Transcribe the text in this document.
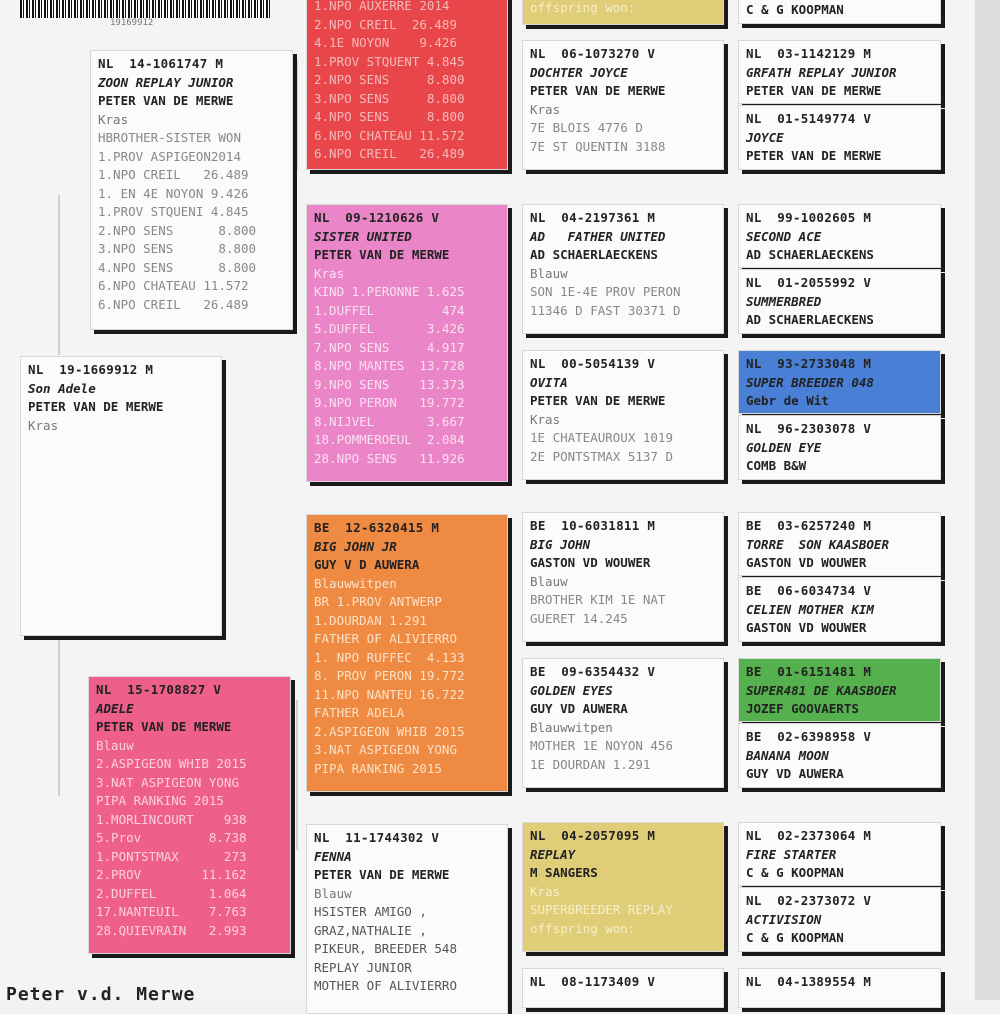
19169912
NL  19-1669912 M
Son Adele
PETER VAN DE MERWE
Kras
NL  14-1061747 M
ZOON REPLAY JUNIOR
PETER VAN DE MERWE
Kras
HBROTHER-SISTER WON
1.PROV ASPIGEON2014
1.NPO CREIL   26.489
1. EN 4E NOYON 9.426
1.PROV STQUENI 4.845
2.NPO SENS      8.800
3.NPO SENS      8.800
4.NPO SENS      8.800
6.NPO CHATEAU 11.572
6.NPO CREIL   26.489
NL  15-1708827 V
ADELE
PETER VAN DE MERWE
Blauw
2.ASPIGEON WHIB 2015
3.NAT ASPIGEON YONG
PIPA RANKING 2015
1.MORLINCOURT    938
5.Prov         8.738
1.PONTSTMAX      273
2.PROV        11.162
2.DUFFEL       1.064
17.NANTEUIL    7.763
28.QUIEVRAIN   2.993
1.NPO AUXERRE 2014
2.NPO CREIL  26.489
4.1E NOYON    9.426
1.PROV STQUENT 4.845
2.NPO SENS     8.800
3.NPO SENS     8.800
4.NPO SENS     8.800
6.NPO CHATEAU 11.572
6.NPO CREIL   26.489
NL  09-1210626 V
SISTER UNITED
PETER VAN DE MERWE
Kras
KIND 1.PERONNE 1.625
1.DUFFEL         474
5.DUFFEL       3.426
7.NPO SENS     4.917
8.NPO MANTES  13.728
9.NPO SENS    13.373
9.NPO PERON   19.772
8.NIJVEL       3.667
18.POMMEROEUL  2.084
28.NPO SENS   11.926
BE  12-6320415 M
BIG JOHN JR
GUY V D AUWERA
Blauwwitpen
BR 1.PROV ANTWERP
1.DOURDAN 1.291
FATHER OF ALIVIERRO
1. NPO RUFFEC  4.133
8. PROV PERON 19.772
11.NPO NANTEU 16.722
FATHER ADELA
2.ASPIGEON WHIB 2015
3.NAT ASPIGEON YONG
PIPA RANKING 2015
NL  11-1744302 V
FENNA
PETER VAN DE MERWE
Blauw
HSISTER AMIGO ,
GRAZ,NATHALIE ,
PIKEUR, BREEDER 548
REPLAY JUNIOR
MOTHER OF ALIVIERRO
offspring won:
NL  06-1073270 V
DOCHTER JOYCE
PETER VAN DE MERWE
Kras
7E BLOIS 4776 D
7E ST QUENTIN 3188
NL  04-2197361 M
AD   FATHER UNITED
AD SCHAERLAECKENS
Blauw
SON 1E-4E PROV PERON
11346 D FAST 30371 D
NL  00-5054139 V
OVITA
PETER VAN DE MERWE
Kras
1E CHATEAUROUX 1019
2E PONTSTMAX 5137 D
BE  10-6031811 M
BIG JOHN
GASTON VD WOUWER
Blauw
BROTHER KIM 1E NAT
GUERET 14.245
BE  09-6354432 V
GOLDEN EYES
GUY VD AUWERA
Blauwwitpen
MOTHER 1E NOYON 456
1E DOURDAN 1.291
NL  04-2057095 M
REPLAY
M SANGERS
Kras
SUPERBREEDER REPLAY
offspring won:
NL  08-1173409 V
C & G KOOPMAN
NL  03-1142129 M
GRFATH REPLAY JUNIOR
PETER VAN DE MERWE
NL  01-5149774 V
JOYCE
PETER VAN DE MERWE
NL  99-1002605 M
SECOND ACE
AD SCHAERLAECKENS
NL  01-2055992 V
SUMMERBRED
AD SCHAERLAECKENS
NL  93-2733048 M
SUPER BREEDER 048
Gebr de Wit
NL  96-2303078 V
GOLDEN EYE
COMB B&W
BE  03-6257240 M
TORRE  SON KAASBOER
GASTON VD WOUWER
BE  06-6034734 V
CELIEN MOTHER KIM
GASTON VD WOUWER
BE  01-6151481 M
SUPER481 DE KAASBOER
JOZEF GOOVAERTS
BE  02-6398958 V
BANANA MOON
GUY VD AUWERA
NL  02-2373064 M
FIRE STARTER
C & G KOOPMAN
NL  02-2373072 V
ACTIVISION
C & G KOOPMAN
NL  04-1389554 M
Peter v.d. Merwe
